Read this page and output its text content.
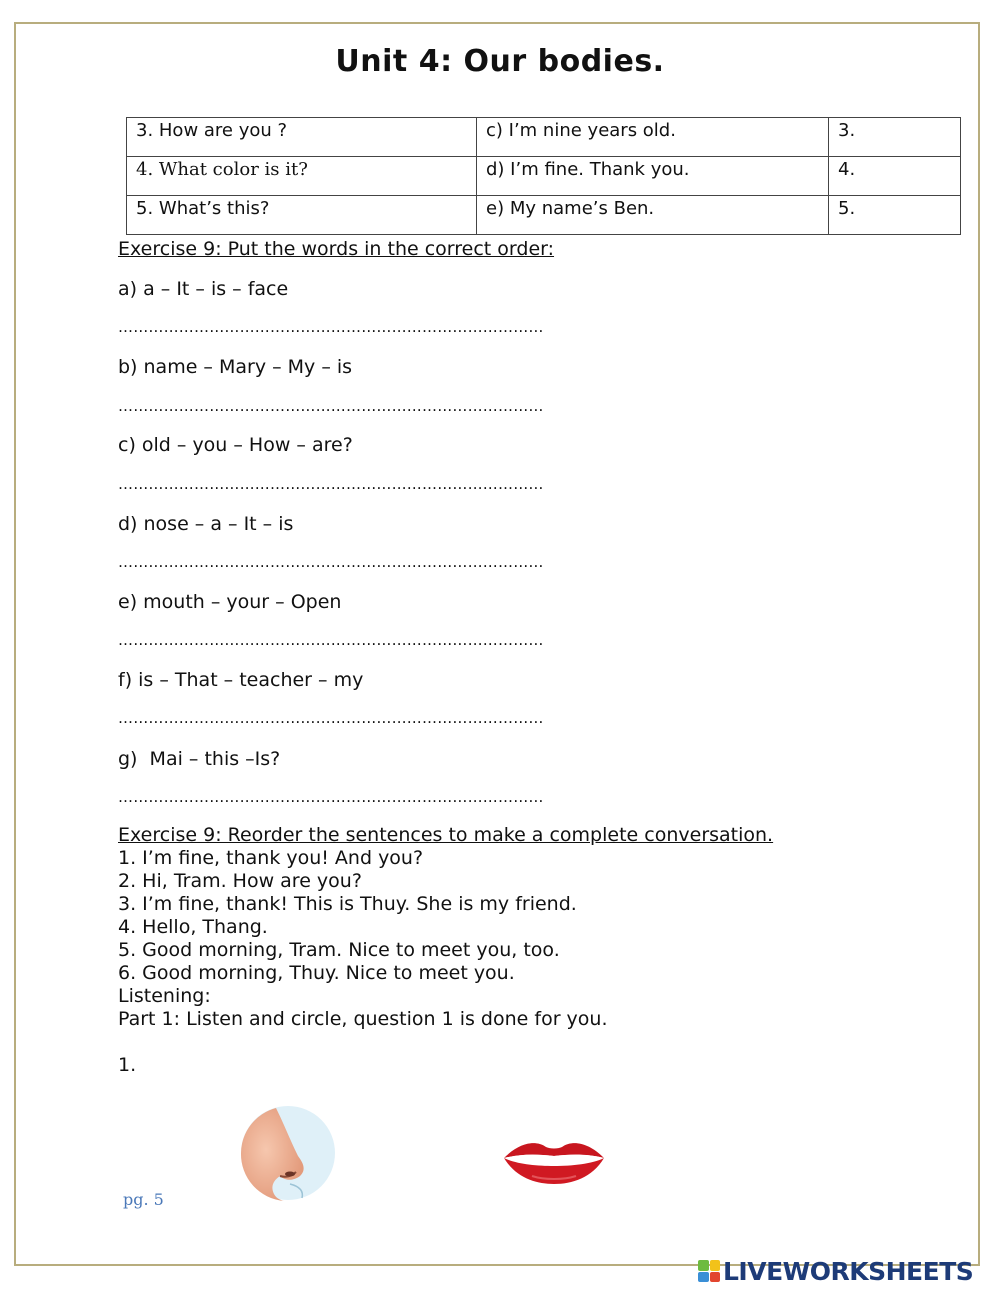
Unit 4: Our bodies.
3. How are you ?	c) I’m nine years old.	3.
4. What color is it?	d) I’m fine. Thank you.	4.
5. What’s this?	e) My name’s Ben.	5.
Exercise 9: Put the words in the correct order:
a) a – It – is – face
…………………………………………………………………………
b) name – Mary – My – is
…………………………………………………………………………
c) old – you – How – are?
…………………………………………………………………………
d) nose – a – It – is
…………………………………………………………………………
e) mouth – your – Open
…………………………………………………………………………
f) is – That – teacher – my
…………………………………………………………………………
g)  Mai – this –Is?
…………………………………………………………………………
Exercise 9: Reorder the sentences to make a complete conversation.
1. I’m fine, thank you! And you?
2. Hi, Tram. How are you?
3. I’m fine, thank! This is Thuy. She is my friend.
4. Hello, Thang.
5. Good morning, Tram. Nice to meet you, too.
6. Good morning, Thuy. Nice to meet you.
Listening:
Part 1: Listen and circle, question 1 is done for you.
1.
pg. 5
LIVEWORKSHEETS
